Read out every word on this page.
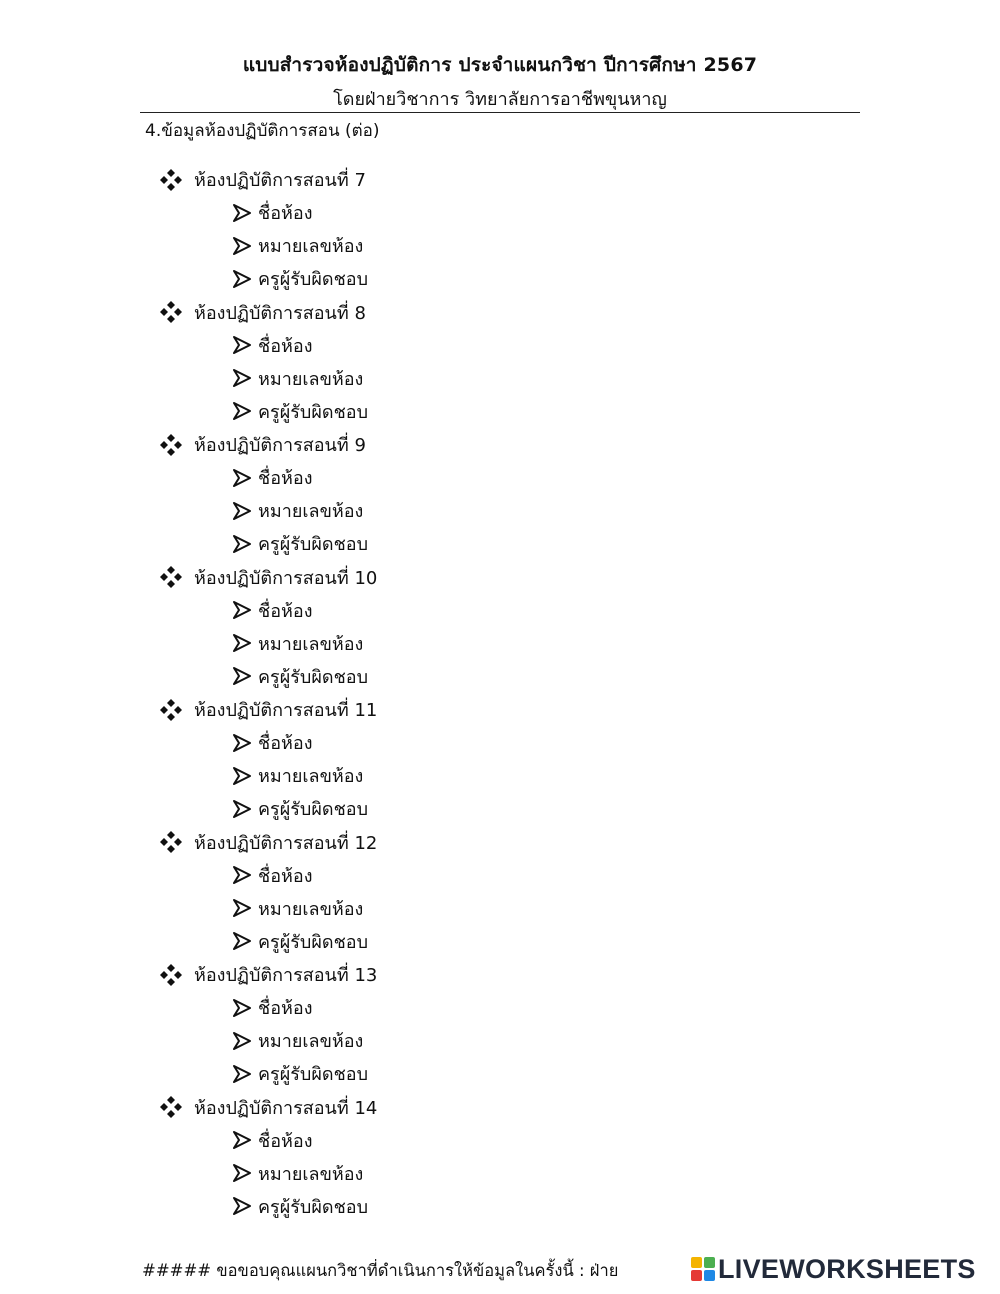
แบบสำรวจห้องปฏิบัติการ ประจำแผนกวิชา ปีการศึกษา 2567
โดยฝ่ายวิชาการ วิทยาลัยการอาชีพขุนหาญ
4.ข้อมูลห้องปฏิบัติการสอน (ต่อ)
ห้องปฏิบัติการสอนที่ 7
ชื่อห้อง
หมายเลขห้อง
ครูผู้รับผิดชอบ
ห้องปฏิบัติการสอนที่ 8
ชื่อห้อง
หมายเลขห้อง
ครูผู้รับผิดชอบ
ห้องปฏิบัติการสอนที่ 9
ชื่อห้อง
หมายเลขห้อง
ครูผู้รับผิดชอบ
ห้องปฏิบัติการสอนที่ 10
ชื่อห้อง
หมายเลขห้อง
ครูผู้รับผิดชอบ
ห้องปฏิบัติการสอนที่ 11
ชื่อห้อง
หมายเลขห้อง
ครูผู้รับผิดชอบ
ห้องปฏิบัติการสอนที่ 12
ชื่อห้อง
หมายเลขห้อง
ครูผู้รับผิดชอบ
ห้องปฏิบัติการสอนที่ 13
ชื่อห้อง
หมายเลขห้อง
ครูผู้รับผิดชอบ
ห้องปฏิบัติการสอนที่ 14
ชื่อห้อง
หมายเลขห้อง
ครูผู้รับผิดชอบ
##### ขอขอบคุณแผนกวิชาที่ดำเนินการให้ข้อมูลในครั้งนี้ : ฝ่าย	LIVEWORKSHEETS
